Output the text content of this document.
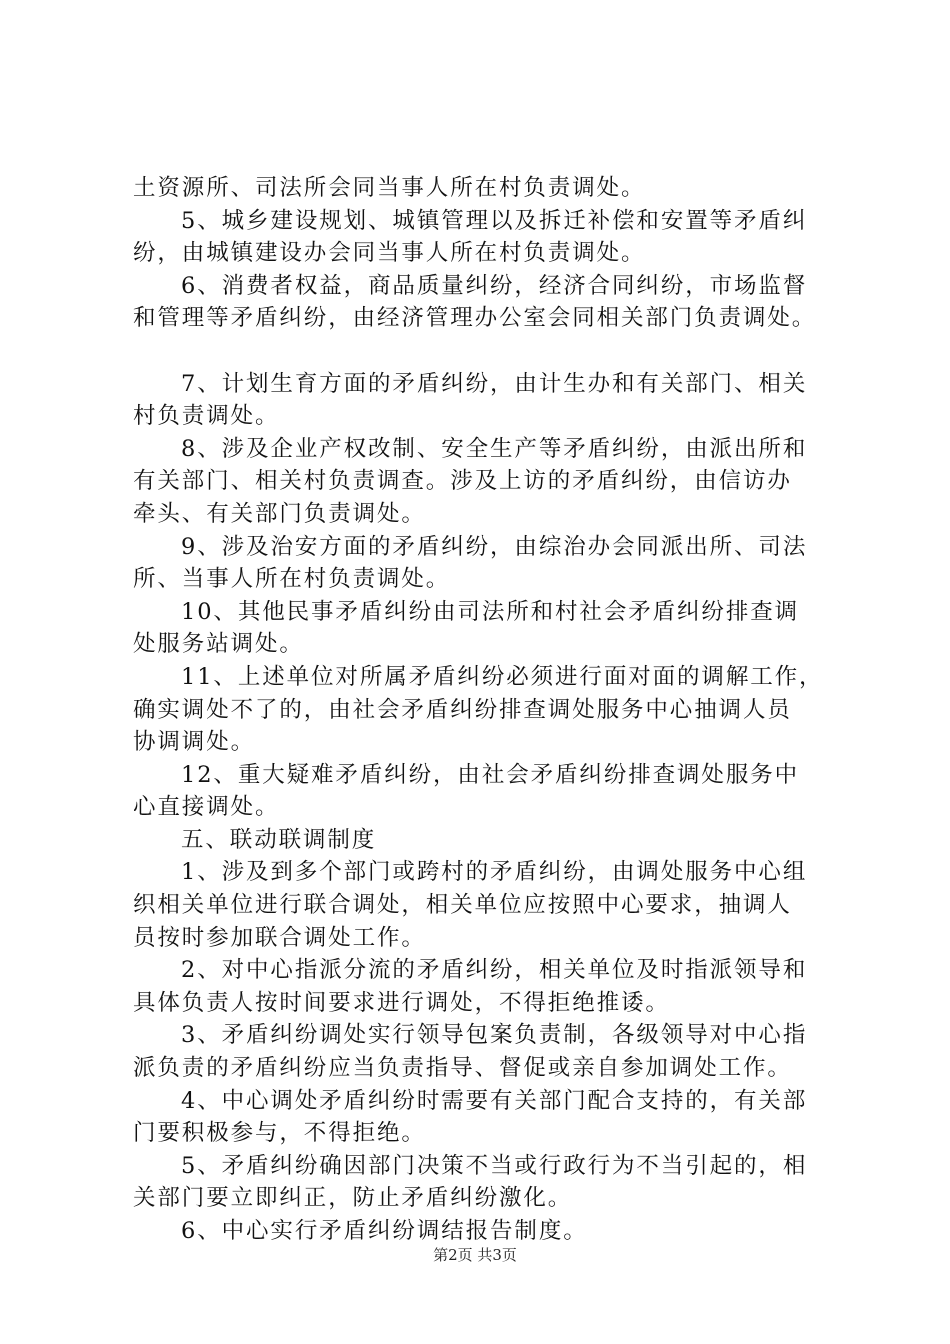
土资源所、司法所会同当事人所在村负责调处。
5、城乡建设规划、城镇管理以及拆迁补偿和安置等矛盾纠
纷，由城镇建设办会同当事人所在村负责调处。
6、消费者权益，商品质量纠纷，经济合同纠纷，市场监督
和管理等矛盾纠纷，由经济管理办公室会同相关部门负责调处。
7、计划生育方面的矛盾纠纷，由计生办和有关部门、相关
村负责调处。
8、涉及企业产权改制、安全生产等矛盾纠纷，由派出所和
有关部门、相关村负责调查。涉及上访的矛盾纠纷，由信访办
牵头、有关部门负责调处。
9、涉及治安方面的矛盾纠纷，由综治办会同派出所、司法
所、当事人所在村负责调处。
10、其他民事矛盾纠纷由司法所和村社会矛盾纠纷排查调
处服务站调处。
11、上述单位对所属矛盾纠纷必须进行面对面的调解工作，
确实调处不了的，由社会矛盾纠纷排查调处服务中心抽调人员
协调调处。
12、重大疑难矛盾纠纷，由社会矛盾纠纷排查调处服务中
心直接调处。
五、联动联调制度
1、涉及到多个部门或跨村的矛盾纠纷，由调处服务中心组
织相关单位进行联合调处，相关单位应按照中心要求，抽调人
员按时参加联合调处工作。
2、对中心指派分流的矛盾纠纷，相关单位及时指派领导和
具体负责人按时间要求进行调处，不得拒绝推诿。
3、矛盾纠纷调处实行领导包案负责制，各级领导对中心指
派负责的矛盾纠纷应当负责指导、督促或亲自参加调处工作。
4、中心调处矛盾纠纷时需要有关部门配合支持的，有关部
门要积极参与，不得拒绝。
5、矛盾纠纷确因部门决策不当或行政行为不当引起的，相
关部门要立即纠正，防止矛盾纠纷激化。
6、中心实行矛盾纠纷调结报告制度。
第2页 共3页
